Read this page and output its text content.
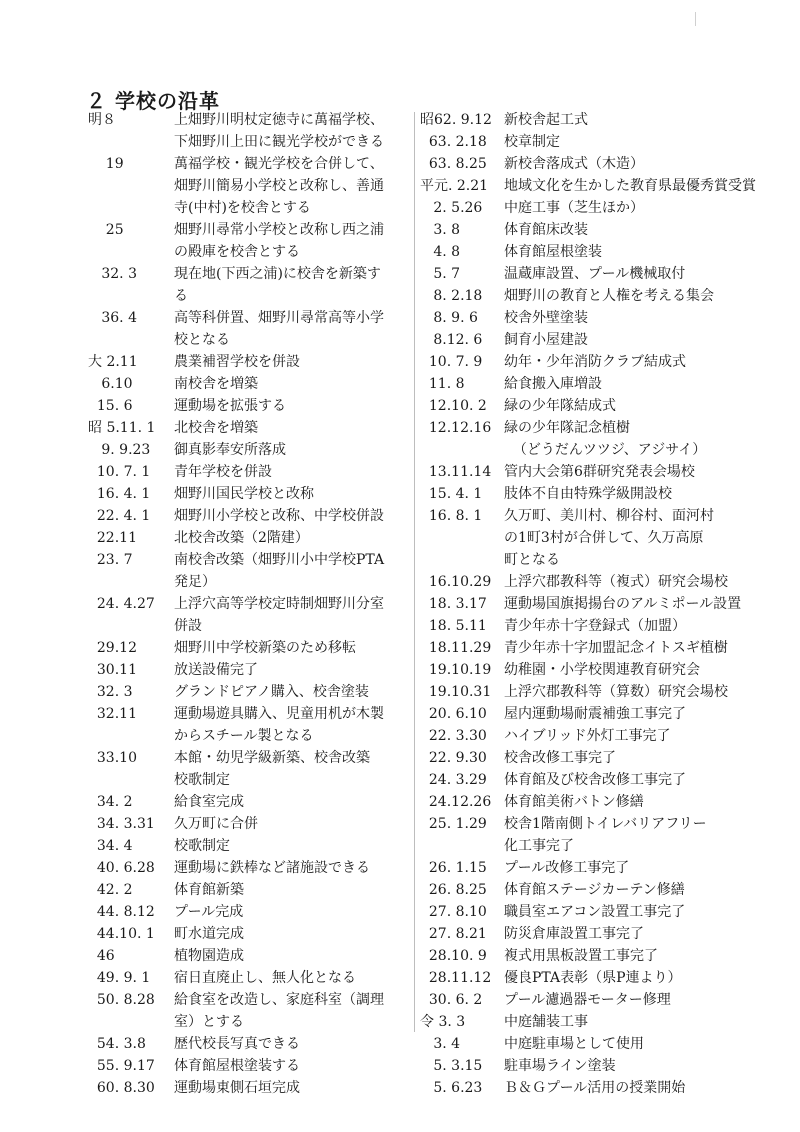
２ 学校の沿革
明８	上畑野川明杖定徳寺に萬福学校、
下畑野川上田に観光学校ができる
19	萬福学校・観光学校を合併して、
畑野川簡易小学校と改称し、善通
寺(中村)を校舎とする
25	畑野川尋常小学校と改称し西之浦
の殿庫を校舎とする
32. 3	現在地(下西之浦)に校舎を新築す
る
36. 4	高等科併置、畑野川尋常高等小学
校となる
大 2.11	農業補習学校を併設
6.10	南校舎を増築
15. 6	運動場を拡張する
昭 5.11. 1	北校舎を増築
9. 9.23	御真影奉安所落成
10. 7. 1	青年学校を併設
16. 4. 1	畑野川国民学校と改称
22. 4. 1	畑野川小学校と改称、中学校併設
22.11	北校舎改築（2階建）
23. 7	南校舎改築（畑野川小中学校PTA
発足）
24. 4.27	上浮穴高等学校定時制畑野川分室
併設
29.12	畑野川中学校新築のため移転
30.11	放送設備完了
32. 3	グランドピアノ購入、校舎塗装
32.11	運動場遊具購入、児童用机が木製
からスチール製となる
33.10	本館・幼児学級新築、校舎改築
校歌制定
34. 2	給食室完成
34. 3.31	久万町に合併
34. 4	校歌制定
40. 6.28	運動場に鉄棒など諸施設できる
42. 2	体育館新築
44. 8.12	プール完成
44.10. 1	町水道完成
46	植物園造成
49. 9. 1	宿日直廃止し、無人化となる
50. 8.28	給食室を改造し、家庭科室（調理
室）とする
54. 3.8	歴代校長写真できる
55. 9.17	体育館屋根塗装する
60. 8.30	運動場東側石垣完成
昭62. 9.12 新校舎起工式
63. 2.18	校章制定
63. 8.25	新校舎落成式（木造）
平元. 2.21	地域文化を生かした教育県最優秀賞受賞
2. 5.26	中庭工事（芝生ほか）
3. 8	体育館床改装
4. 8	体育館屋根塗装
5. 7	温蔵庫設置、プール機械取付
8. 2.18	畑野川の教育と人権を考える集会
8. 9. 6	校舎外壁塗装
8.12. 6	飼育小屋建設
10. 7. 9	幼年・少年消防クラブ結成式
11. 8	給食搬入庫増設
12.10. 2	緑の少年隊結成式
12.12.16 緑の少年隊記念植樹
（どうだんツツジ、アジサイ）
13.11.14 管内大会第6群研究発表会場校
15. 4. 1	肢体不自由特殊学級開設校
16. 8. 1	久万町、美川村、柳谷村、面河村
の1町3村が合併して、久万高原
町となる
16.10.29 上浮穴郡教科等（複式）研究会場校
18. 3.17	運動場国旗掲揚台のアルミポール設置
18. 5.11	青少年赤十字登録式（加盟）
18.11.29 青少年赤十字加盟記念イトスギ植樹
19.10.19 幼稚園・小学校関連教育研究会
19.10.31 上浮穴郡教科等（算数）研究会場校
20. 6.10	屋内運動場耐震補強工事完了
22. 3.30	ハイブリッド外灯工事完了
22. 9.30	校舎改修工事完了
24. 3.29	体育館及び校舎改修工事完了
24.12.26 体育館美術バトン修繕
25. 1.29	校舎1階南側トイレバリアフリー
化工事完了
26. 1.15	プール改修工事完了
26. 8.25	体育館ステージカーテン修繕
27. 8.10	職員室エアコン設置工事完了
27. 8.21	防災倉庫設置工事完了
28.10. 9	複式用黒板設置工事完了
28.11.12 優良PTA表彰（県P連より）
30. 6. 2	プール濾過器モーター修理
令 3. 3	中庭舗装工事
3. 4	中庭駐車場として使用
5. 3.15	駐車場ライン塗装
5. 6.23	Ｂ＆Ｇプール活用の授業開始
